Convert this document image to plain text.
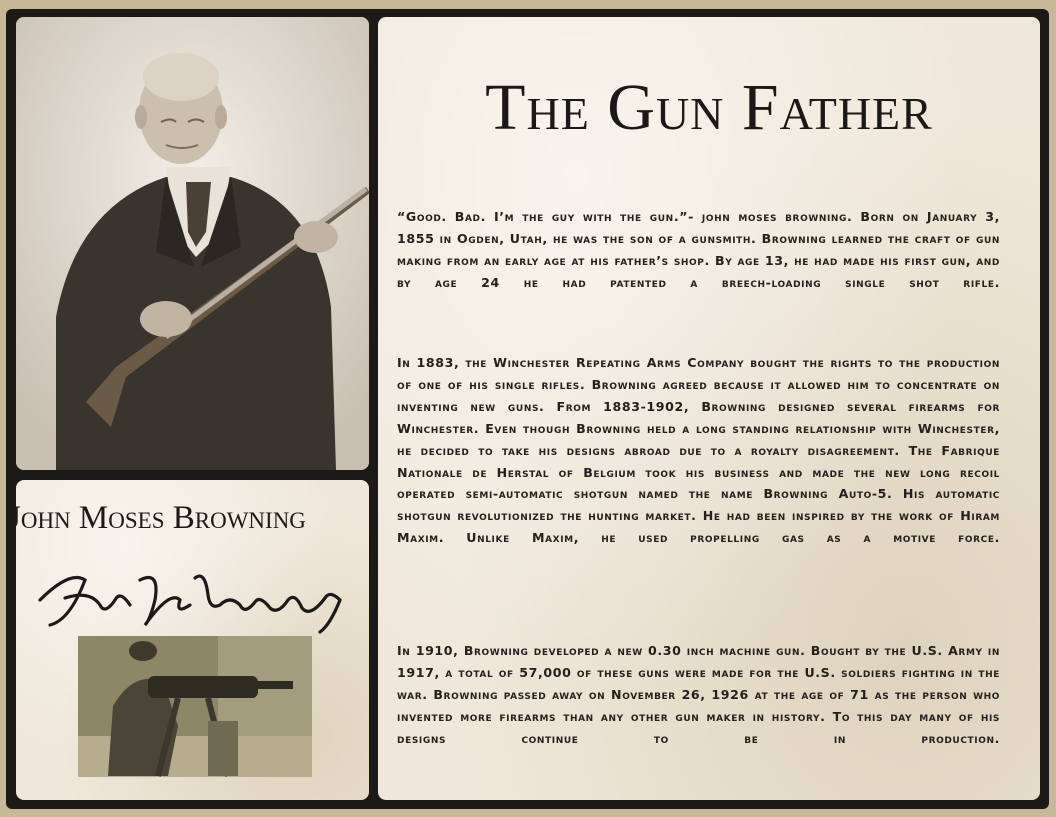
John Moses Browning
The Gun Father
“Good. Bad. I’m the guy with the gun.”- john moses browning. Born on January 3, 1855 in Ogden, Utah, he was the son of a gunsmith. Browning learned the craft of gun making from an early age at his father’s shop. By age 13, he had made his first gun, and by age 24 he had patented a breech-loading single shot rifle.
In 1883, the Winchester Repeating Arms Company bought the rights to the production of one of his single rifles. Browning agreed because it allowed him to concentrate on inventing new guns. From 1883-1902, Browning designed several firearms for Winchester. Even though Browning held a long standing relationship with Winchester, he decided to take his designs abroad due to a royalty disagreement. The Fabrique Nationale de Herstal of Belgium took his business and made the new long recoil operated semi-automatic shotgun named the name Browning Auto-5. His automatic shotgun revolutionized the hunting market. He had been inspired by the work of Hiram Maxim. Unlike Maxim, he used propelling gas as a motive force.
In 1910, Browning developed a new 0.30 inch machine gun. Bought by the U.S. Army in 1917, a total of 57,000 of these guns were made for the U.S. soldiers fighting in the war. Browning passed away on November 26, 1926 at the age of 71 as the person who invented more firearms than any other gun maker in history. To this day many of his designs continue to be in production.
